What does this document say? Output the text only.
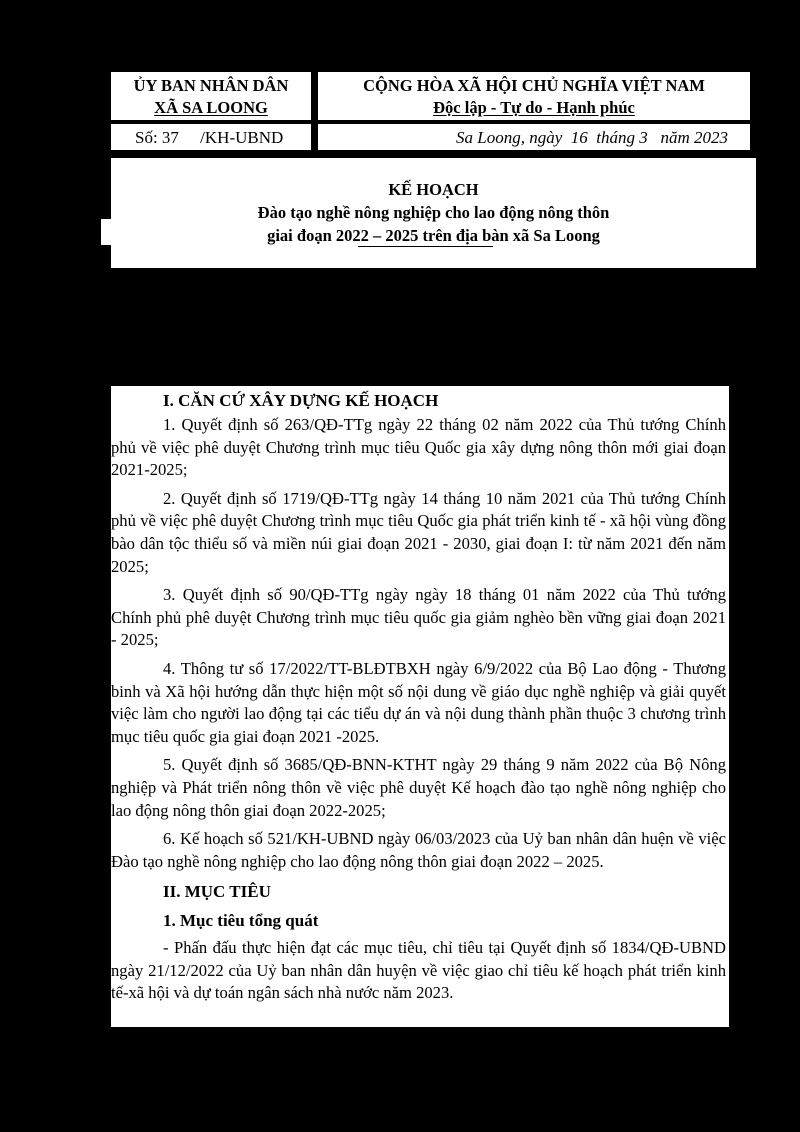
ỦY BAN NHÂN DÂN
XÃ SA LOONG
CỘNG HÒA XÃ HỘI CHỦ NGHĨA VIỆT NAM
Độc lập - Tự do - Hạnh phúc
Số: 37     /KH-UBND	Sa Loong, ngày  16  tháng 3   năm 2023
KẾ HOẠCH
Đào tạo nghề nông nghiệp cho lao động nông thôn
giai đoạn 2022 – 2025 trên địa bàn xã Sa Loong
I. CĂN CỨ XÂY DỰNG KẾ HOẠCH

1. Quyết định số 263/QĐ-TTg ngày 22 tháng 02 năm 2022 của Thủ tướng Chính phủ về việc phê duyệt Chương trình mục tiêu Quốc gia xây dựng nông thôn mới giai đoạn 2021-2025;

2. Quyết định số 1719/QĐ-TTg ngày 14 tháng 10 năm 2021 của Thủ tướng Chính phủ về việc phê duyệt Chương trình mục tiêu Quốc gia phát triển kinh tế - xã hội vùng đồng bào dân tộc thiểu số và miền núi giai đoạn 2021 - 2030, giai đoạn I: từ năm 2021 đến năm 2025;

3. Quyết định số 90/QĐ-TTg ngày ngày 18 tháng 01 năm 2022 của Thủ tướng Chính phủ phê duyệt Chương trình mục tiêu quốc gia giảm nghèo bền vững giai đoạn 2021 - 2025;

4. Thông tư số 17/2022/TT-BLĐTBXH ngày 6/9/2022 của Bộ Lao động - Thương binh và Xã hội hướng dẫn thực hiện một số nội dung về giáo dục nghề nghiệp và giải quyết việc làm cho người lao động tại các tiểu dự án và nội dung thành phần thuộc 3 chương trình mục tiêu quốc gia giai đoạn 2021 -2025.

5. Quyết định số 3685/QĐ-BNN-KTHT ngày 29 tháng 9 năm 2022 của Bộ Nông nghiệp và Phát triển nông thôn về việc phê duyệt Kế hoạch đào tạo nghề nông nghiệp cho lao động nông thôn giai đoạn 2022-2025;

6. Kế hoạch số 521/KH-UBND ngày 06/03/2023 của Uỷ ban nhân dân huện về việc Đào tạo nghề nông nghiệp cho lao động nông thôn giai đoạn 2022 – 2025.

II. MỤC TIÊU
1. Mục tiêu tổng quát

- Phấn đấu thực hiện đạt các mục tiêu, chỉ tiêu tại Quyết định số 1834/QĐ-UBND ngày 21/12/2022 của Uỷ ban nhân dân huyện về việc giao chỉ tiêu kế hoạch phát triển kinh tế-xã hội và dự toán ngân sách nhà nước năm 2023.
